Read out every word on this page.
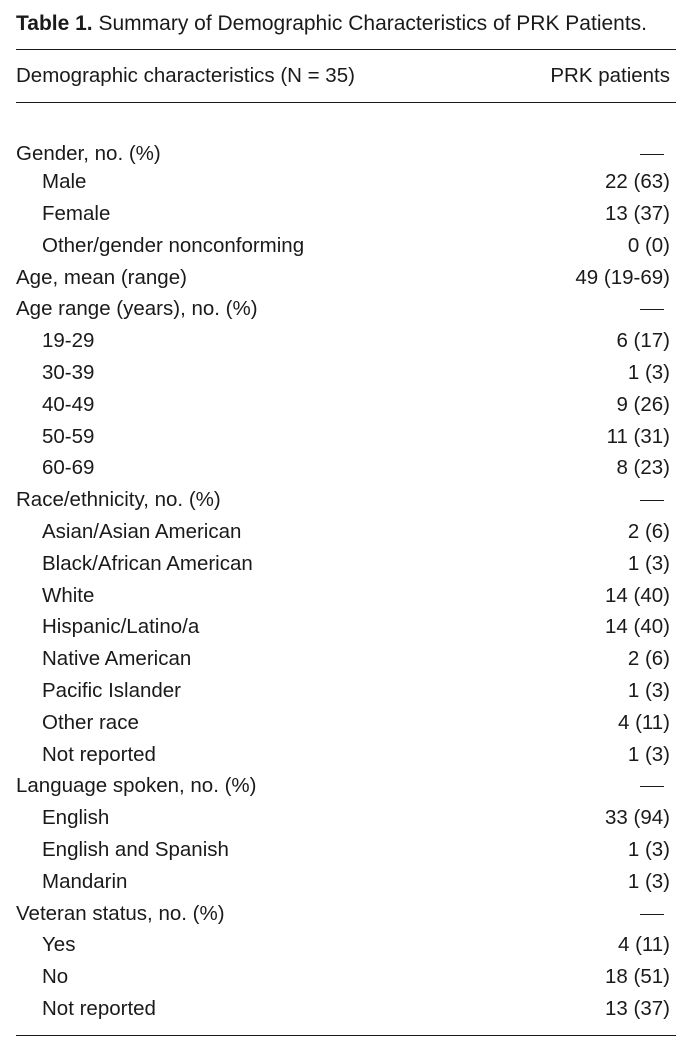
Table 1. Summary of Demographic Characteristics of PRK Patients.

Demographic characteristics (N = 35)	PRK patients

Gender, no. (%)	
Male	22 (63)
Female	13 (37)
Other/gender nonconforming	0 (0)
Age, mean (range)	49 (19-69)
Age range (years), no. (%)	
19-29	6 (17)
30-39	1 (3)
40-49	9 (26)
50-59	11 (31)
60-69	8 (23)
Race/ethnicity, no. (%)	
Asian/Asian American	2 (6)
Black/African American	1 (3)
White	14 (40)
Hispanic/Latino/a	14 (40)
Native American	2 (6)
Pacific Islander	1 (3)
Other race	4 (11)
Not reported	1 (3)
Language spoken, no. (%)	
English	33 (94)
English and Spanish	1 (3)
Mandarin	1 (3)
Veteran status, no. (%)	
Yes	4 (11)
No	18 (51)
Not reported	13 (37)
